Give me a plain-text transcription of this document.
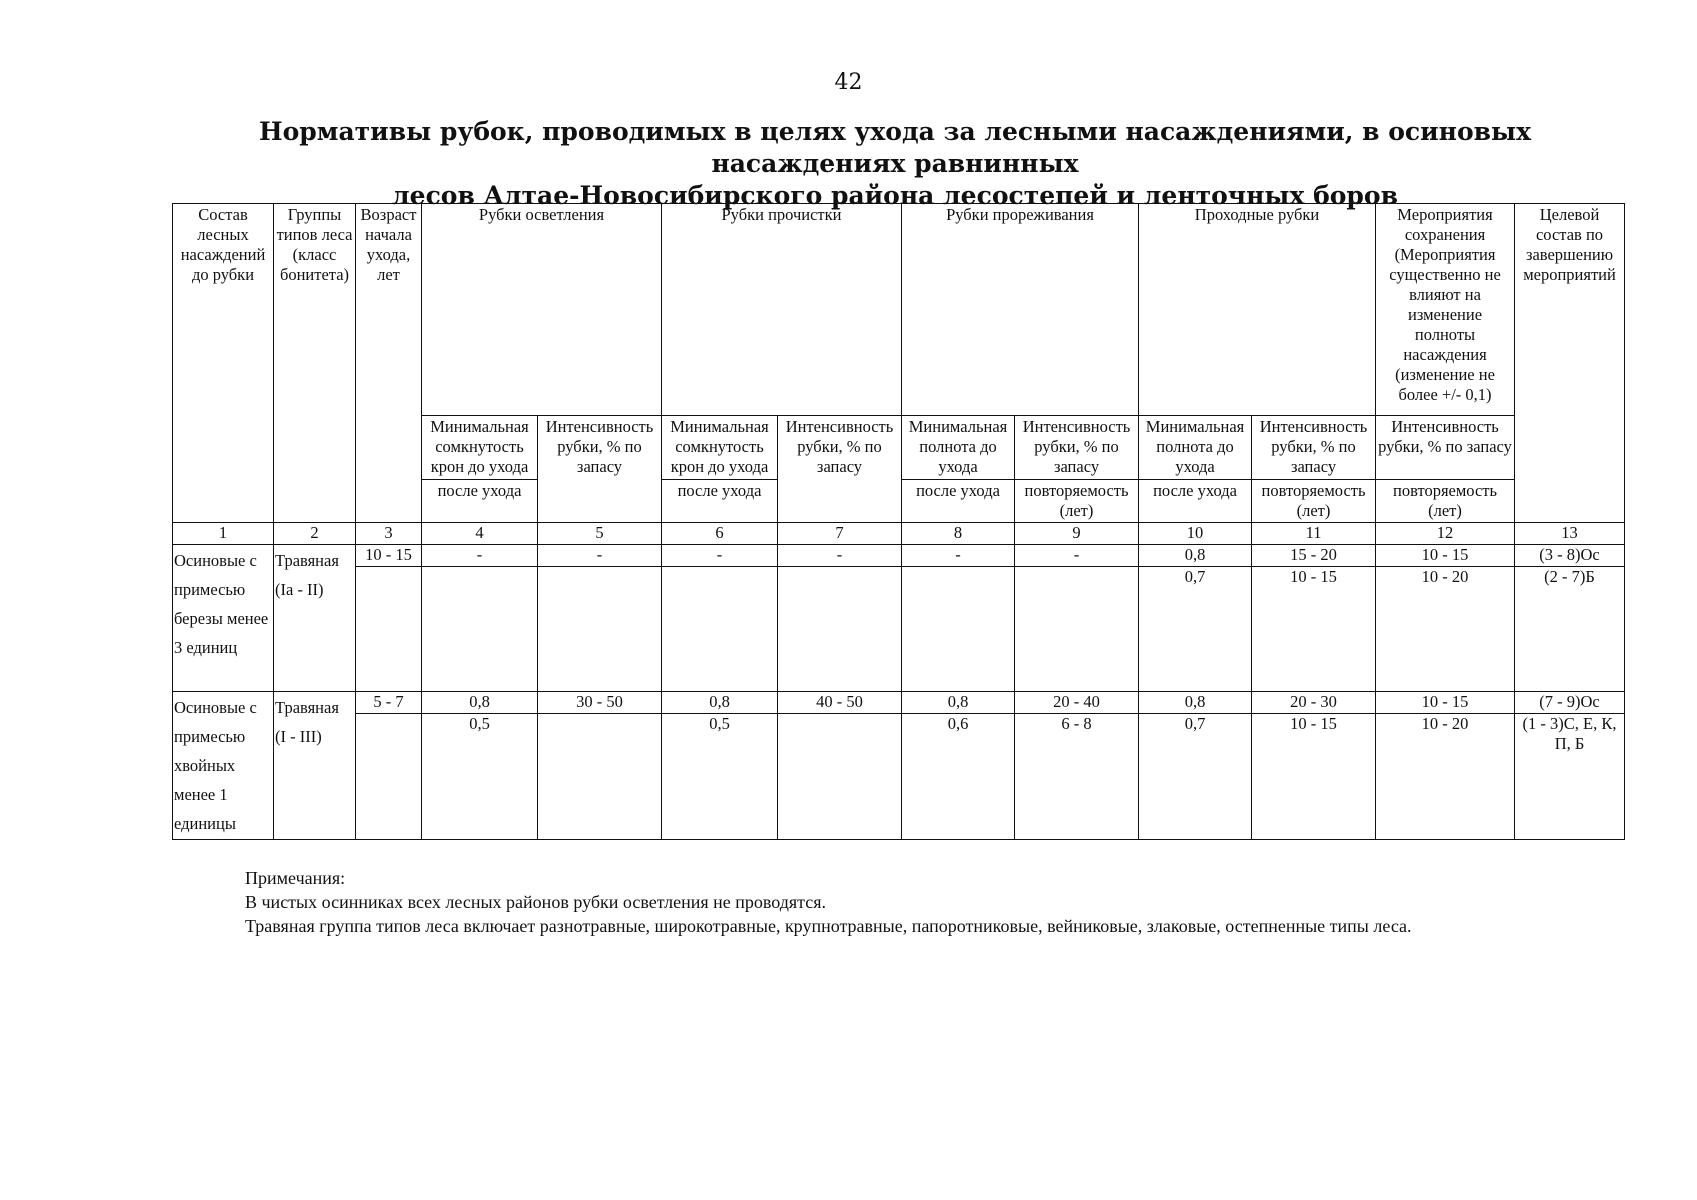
42
Нормативы рубок, проводимых в целях ухода за лесными насаждениями, в осиновых насаждениях равнинных
лесов Алтае-Новосибирского района лесостепей и ленточных боров
Состав лесных насаждений до рубки	Группы типов леса (класс бонитета)	Возраст начала ухода, лет	Рубки осветления		Рубки прочистки		Рубки прореживания		Проходные рубки		Мероприятия сохранения (Мероприятия существенно не влияют на изменение полноты насаждения (изменение не более +/- 0,1)	Целевой состав по завершению мероприятий
			Минимальная сомкнутость крон до ухода	Интенсивность рубки, % по запасу	Минимальная сомкнутость крон до ухода	Интенсивность рубки, % по запасу	Минимальная полнота до ухода	Интенсивность рубки, % по запасу	Минимальная полнота до ухода	Интенсивность рубки, % по запасу	Интенсивность рубки, % по запасу	
			после ухода		после ухода		после ухода	повторяемость (лет)	после ухода	повторяемость (лет)	повторяемость (лет)	
1	2	3	4	5	6	7	8	9	10	11	12	13
Осиновые с примесью березы менее 3 единиц	Травяная (Ia - II)	10 - 15	-	-	-	-	-	-	0,8	15 - 20	10 - 15	(3 - 8)Ос
									0,7	10 - 15	10 - 20	(2 - 7)Б
Осиновые с примесью хвойных менее 1 единицы	Травяная (I - III)	5 - 7	0,8	30 - 50	0,8	40 - 50	0,8	20 - 40	0,8	20 - 30	10 - 15	(7 - 9)Ос
			0,5		0,5		0,6	6 - 8	0,7	10 - 15	10 - 20	(1 - 3)С, Е, К, П, Б
Примечания:
В чистых осинниках всех лесных районов рубки осветления не проводятся.
Травяная группа типов леса включает разнотравные, широкотравные, крупнотравные, папоротниковые, вейниковые, злаковые, остепненные типы леса.
